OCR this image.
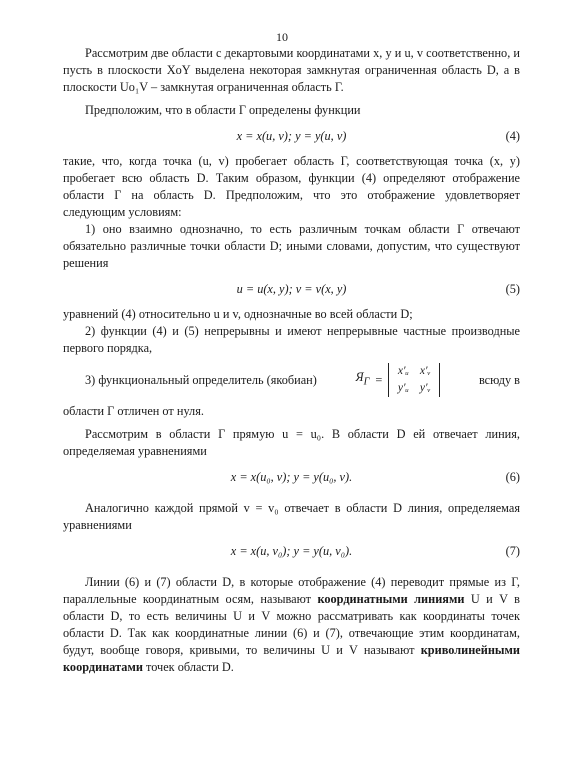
10

Рассмотрим две области с декартовыми координатами x, y и u, v соответственно, и пусть в плоскости XoY выделена некоторая замкнутая ограниченная область D, а в плоскости Uo₁V – замкнутая ограниченная область Г.

Предположим, что в области Г определены функции

x = x(u, v); y = y(u, v)	(4)

такие, что, когда точка (u, v) пробегает область Г, соответствующая точка (x, y) пробегает всю область D. Таким образом, функции (4) определяют отображение области Г на область D. Предположим, что это отображение удовлетворяет следующим условиям:

1) оно взаимно однозначно, то есть различным точкам области Г отвечают обязательно различные точки области D; иными словами, допустим, что существуют решения

u = u(x, y); v = v(x, y)	(5)

уравнений (4) относительно u и v, однозначные во всей области D;

2) функции (4) и (5) непрерывны и имеют непрерывные частные производные первого порядка,

3) функциональный определитель (якобиан)	$Я_Г$ =
x′ᵤ x′ᵥ
y′ᵤ y′ᵥ
всюду в

области Г отличен от нуля.

Рассмотрим в области Г прямую u = u₀. В области D ей отвечает линия, определяемая уравнениями

x = x(u₀, v); y = y(u₀, v).	(6)

Аналогично каждой прямой v = v₀ отвечает в области D линия, определяемая уравнениями

x = x(u, v₀); y = y(u, v₀).	(7)

Линии (6) и (7) области D, в которые отображение (4) переводит прямые из Г, параллельные координатным осям, называют координатными линиями U и V в области D, то есть величины U и V можно рассматривать как координаты точек области D. Так как координатные линии (6) и (7), отвечающие этим координатам, будут, вообще говоря, кривыми, то величины U и V называют криволинейными координатами точек области D.
